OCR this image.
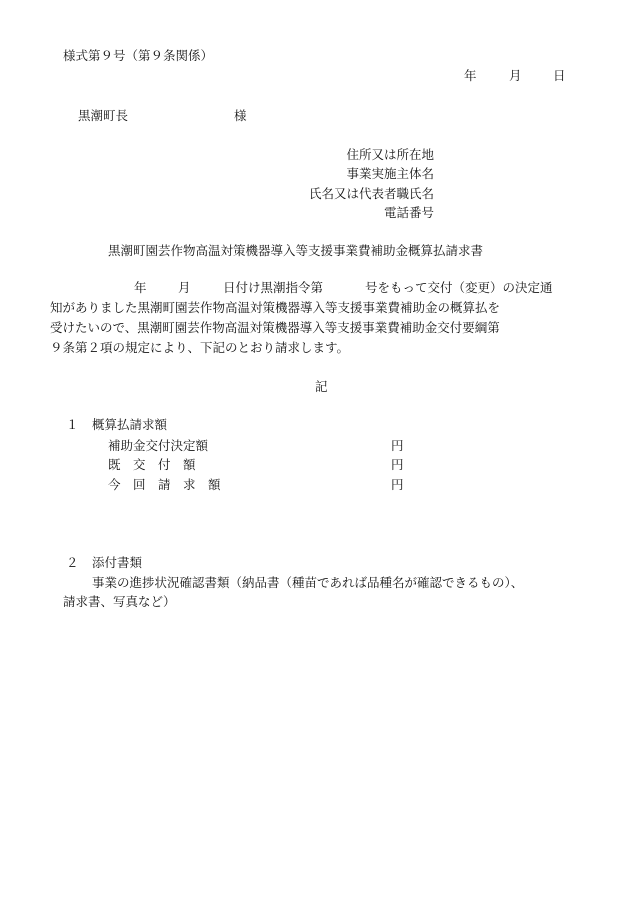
様式第９号（第９条関係）
年	月	日
黒潮町長	様
住所又は所在地
事業実施主体名
氏名又は代表者職氏名
電話番号
黒潮町園芸作物高温対策機器導入等支援事業費補助金概算払請求書
年	月	日付け黒潮指令第	号をもって交付（変更）の決定通
知がありました黒潮町園芸作物高温対策機器導入等支援事業費補助金の概算払を
受けたいので、黒潮町園芸作物高温対策機器導入等支援事業費補助金交付要綱第
９条第２項の規定により、下記のとおり請求します。
記
１ 概算払請求額
補助金交付決定額	円
既　交　付　額	円
今　回　請　求　額	円
２ 添付書類
事業の進捗状況確認書類（納品書（種苗であれば品種名が確認できるもの）、
請求書、写真など）
